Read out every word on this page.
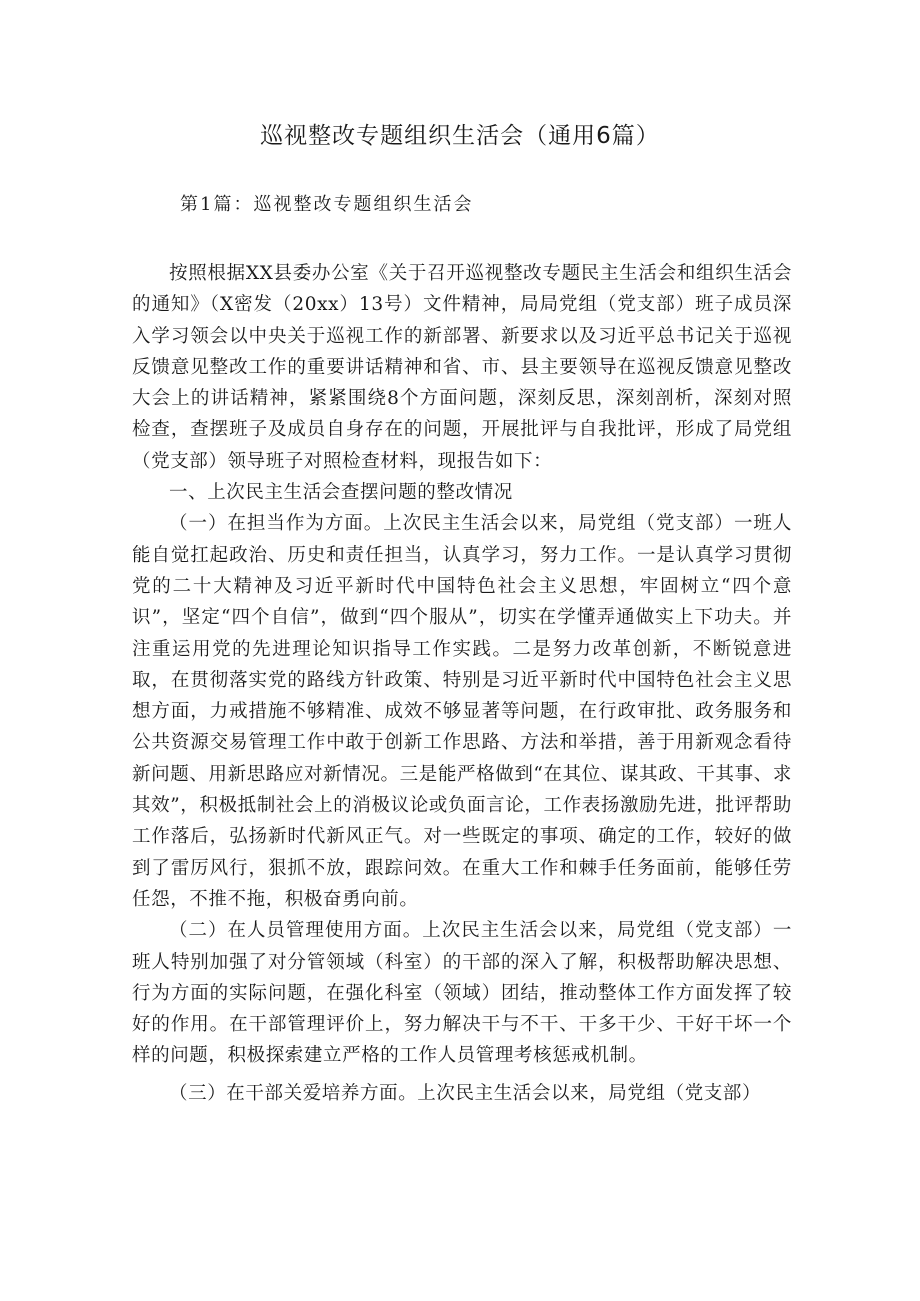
巡视整改专题组织生活会（通用6篇）

第1篇：巡视整改专题组织生活会

按照根据XX县委办公室《关于召开巡视整改专题民主生活会和组织生活会的通知》（X密发（20xx）13号）文件精神，局局党组（党支部）班子成员深入学习领会以中央关于巡视工作的新部署、新要求以及习近平总书记关于巡视反馈意见整改工作的重要讲话精神和省、市、县主要领导在巡视反馈意见整改大会上的讲话精神，紧紧围绕8个方面问题，深刻反思，深刻剖析，深刻对照检查，查摆班子及成员自身存在的问题，开展批评与自我批评，形成了局党组（党支部）领导班子对照检查材料，现报告如下：

一、上次民主生活会查摆问题的整改情况

（一）在担当作为方面。上次民主生活会以来，局党组（党支部）一班人能自觉扛起政治、历史和责任担当，认真学习，努力工作。一是认真学习贯彻党的二十大精神及习近平新时代中国特色社会主义思想，牢固树立“四个意识”，坚定“四个自信”，做到“四个服从”，切实在学懂弄通做实上下功夫。并注重运用党的先进理论知识指导工作实践。二是努力改革创新，不断锐意进取，在贯彻落实党的路线方针政策、特别是习近平新时代中国特色社会主义思想方面，力戒措施不够精准、成效不够显著等问题，在行政审批、政务服务和公共资源交易管理工作中敢于创新工作思路、方法和举措，善于用新观念看待新问题、用新思路应对新情况。三是能严格做到“在其位、谋其政、干其事、求其效”，积极抵制社会上的消极议论或负面言论，工作表扬激励先进，批评帮助工作落后，弘扬新时代新风正气。对一些既定的事项、确定的工作，较好的做到了雷厉风行，狠抓不放，跟踪问效。在重大工作和棘手任务面前，能够任劳任怨，不推不拖，积极奋勇向前。

（二）在人员管理使用方面。上次民主生活会以来，局党组（党支部）一班人特别加强了对分管领域（科室）的干部的深入了解，积极帮助解决思想、行为方面的实际问题，在强化科室（领域）团结，推动整体工作方面发挥了较好的作用。在干部管理评价上，努力解决干与不干、干多干少、干好干坏一个样的问题，积极探索建立严格的工作人员管理考核惩戒机制。

（三）在干部关爱培养方面。上次民主生活会以来，局党组（党支部）
